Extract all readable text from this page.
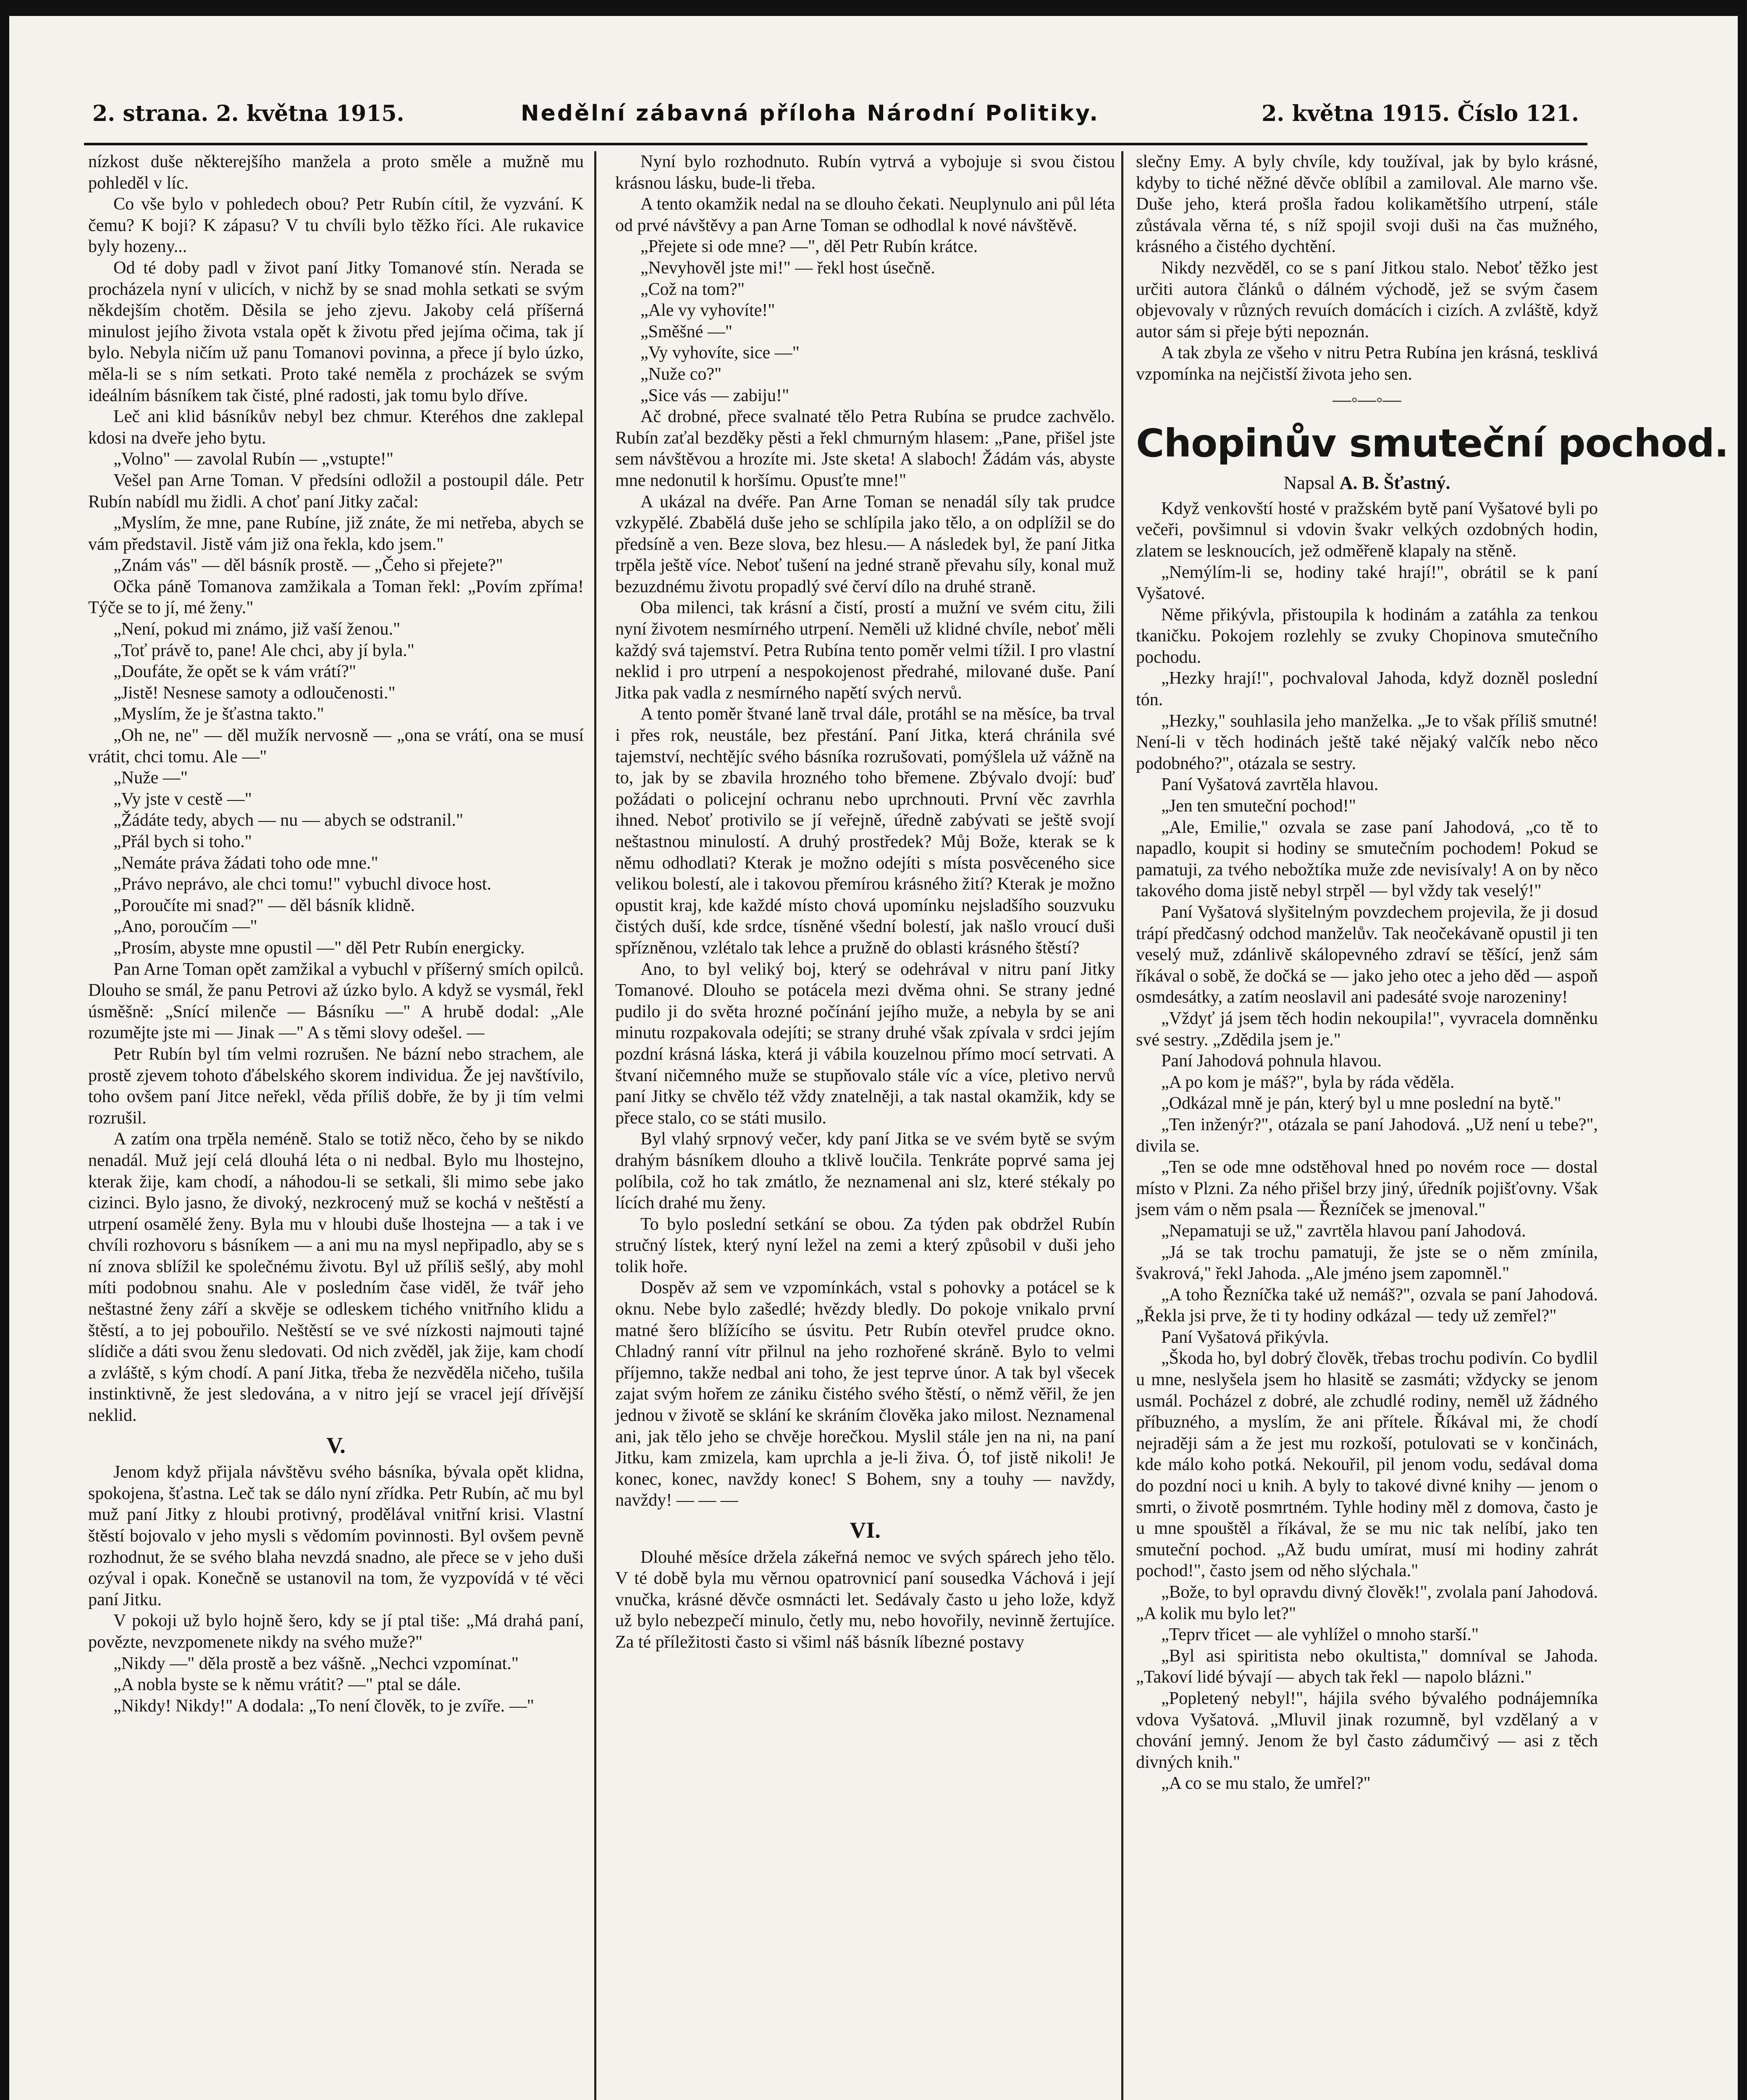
2. strana. 2. května 1915.	Nedělní zábavná příloha Národní Politiky.	2. května 1915. Číslo 121.

nízkost duše některejšího manžela a proto směle a mužně mu pohleděl v líc.

Co vše bylo v pohledech obou? Petr Rubín cítil, že vyzvání. K čemu? K boji? K zápasu? V tu chvíli bylo těžko říci. Ale rukavice byly hozeny...

Od té doby padl v život paní Jitky Tomanové stín. Nerada se procházela nyní v ulicích, v nichž by se snad mohla setkati se svým někdejším chotěm. Děsila se jeho zjevu. Jakoby celá příšerná minulost jejího života vstala opět k životu před jejíma očima, tak jí bylo. Nebyla ničím už panu Tomanovi povinna, a přece jí bylo úzko, měla-li se s ním setkati. Proto také neměla z procházek se svým ideálním básníkem tak čisté, plné radosti, jak tomu bylo dříve.

Leč ani klid básníkův nebyl bez chmur. Kteréhos dne zaklepal kdosi na dveře jeho bytu.

„Volno" — zavolal Rubín — „vstupte!"

Vešel pan Arne Toman. V předsíni odložil a postoupil dále. Petr Rubín nabídl mu židli. A choť paní Jitky začal:

„Myslím, že mne, pane Rubíne, již znáte, že mi netřeba, abych se vám představil. Jistě vám již ona řekla, kdo jsem."

„Znám vás" — děl básník prostě. — „Čeho si přejete?"

Očka páně Tomanova zamžikala a Toman řekl: „Povím zpříma! Týče se to jí, mé ženy."

„Není, pokud mi známo, již vaší ženou."

„Toť právě to, pane! Ale chci, aby jí byla."

„Doufáte, že opět se k vám vrátí?"

„Jistě! Nesnese samoty a odloučenosti."

„Myslím, že je šťastna takto."

„Oh ne, ne" — děl mužík nervosně — „ona se vrátí, ona se musí vrátit, chci tomu. Ale —"

„Nuže —"

„Vy jste v cestě —"

„Žádáte tedy, abych — nu — abych se odstranil."

„Přál bych si toho."

„Nemáte práva žádati toho ode mne."

„Právo neprávo, ale chci tomu!" vybuchl divoce host.

„Poroučíte mi snad?" — děl básník klidně.

„Ano, poroučím —"

„Prosím, abyste mne opustil —" děl Petr Rubín energicky.

Pan Arne Toman opět zamžikal a vybuchl v příšerný smích opilců. Dlouho se smál, že panu Petrovi až úzko bylo. A když se vysmál, řekl úsměšně: „Snící milenče — Básníku —" A hrubě dodal: „Ale rozumějte jste mi — Jinak —" A s těmi slovy odešel. —

Petr Rubín byl tím velmi rozrušen. Ne bázní nebo strachem, ale prostě zjevem tohoto ďábelského skorem individua. Že jej navštívilo, toho ovšem paní Jitce neřekl, věda příliš dobře, že by ji tím velmi rozrušil.

A zatím ona trpěla neméně. Stalo se totiž něco, čeho by se nikdo nenadál. Muž její celá dlouhá léta o ni nedbal. Bylo mu lhostejno, kterak žije, kam chodí, a náhodou-li se setkali, šli mimo sebe jako cizinci. Bylo jasno, že divoký, nezkrocený muž se kochá v neštěstí a utrpení osamělé ženy. Byla mu v hloubi duše lhostejna — a tak i ve chvíli rozhovoru s básníkem — a ani mu na mysl nepřipadlo, aby se s ní znova sblížil ke společnému životu. Byl už příliš sešlý, aby mohl míti podobnou snahu. Ale v posledním čase viděl, že tvář jeho neštastné ženy září a skvěje se odleskem tichého vnitřního klidu a štěstí, a to jej pobouřilo. Neštěstí se ve své nízkosti najmouti tajné slídiče a dáti svou ženu sledovati. Od nich zvěděl, jak žije, kam chodí a zvláště, s kým chodí. A paní Jitka, třeba že nezvěděla ničeho, tušila instinktivně, že jest sledována, a v nitro její se vracel její dřívější neklid.

V.

Jenom když přijala návštěvu svého básníka, bývala opět klidna, spokojena, šťastna. Leč tak se dálo nyní zřídka. Petr Rubín, ač mu byl muž paní Jitky z hloubi protivný, prodělával vnitřní krisi. Vlastní štěstí bojovalo v jeho mysli s vědomím povinnosti. Byl ovšem pevně rozhodnut, že se svého blaha nevzdá snadno, ale přece se v jeho duši ozýval i opak. Konečně se ustanovil na tom, že vyzpovídá v té věci paní Jitku.

V pokoji už bylo hojně šero, kdy se jí ptal tiše: „Má drahá paní, povězte, nevzpomenete nikdy na svého muže?"

„Nikdy —" děla prostě a bez vášně. „Nechci vzpomínat."

„A nobla byste se k němu vrátit? —" ptal se dále.

„Nikdy! Nikdy!" A dodala: „To není člověk, to je zvíře. —"

Nyní bylo rozhodnuto. Rubín vytrvá a vybojuje si svou čistou krásnou lásku, bude-li třeba.

A tento okamžik nedal na se dlouho čekati. Neuplynulo ani půl léta od prvé návštěvy a pan Arne Toman se odhodlal k nové návštěvě.

„Přejete si ode mne? —", děl Petr Rubín krátce.

„Nevyhověl jste mi!" — řekl host úsečně.

„Což na tom?"

„Ale vy vyhovíte!"

„Směšné —"

„Vy vyhovíte, sice —"

„Nuže co?"

„Sice vás — zabiju!"

Ač drobné, přece svalnaté tělo Petra Rubína se prudce zachvělo. Rubín zaťal bezděky pěsti a řekl chmurným hlasem: „Pane, přišel jste sem návštěvou a hrozíte mi. Jste sketa! A slaboch! Žádám vás, abyste mne nedonutil k horšímu. Opusťte mne!"

A ukázal na dvéře. Pan Arne Toman se nenadál síly tak prudce vzkypělé. Zbabělá duše jeho se schlípila jako tělo, a on odplížil se do předsíně a ven. Beze slova, bez hlesu.— A následek byl, že paní Jitka trpěla ještě více. Neboť tušení na jedné straně převahu síly, konal muž bezuzdnému životu propadlý své červí dílo na druhé straně.

Oba milenci, tak krásní a čistí, prostí a mužní ve svém citu, žili nyní životem nesmírného utrpení. Neměli už klidné chvíle, neboť měli každý svá tajemství. Petra Rubína tento poměr velmi tížil. I pro vlastní neklid i pro utrpení a nespokojenost předrahé, milované duše. Paní Jitka pak vadla z nesmírného napětí svých nervů.

A tento poměr štvané laně trval dále, protáhl se na měsíce, ba trval i přes rok, neustále, bez přestání. Paní Jitka, která chránila své tajemství, nechtějíc svého básníka rozrušovati, pomýšlela už vážně na to, jak by se zbavila hrozného toho břemene. Zbývalo dvojí: buď požádati o policejní ochranu nebo uprchnouti. První věc zavrhla ihned. Neboť protivilo se jí veřejně, úředně zabývati se ještě svojí neštastnou minulostí. A druhý prostředek? Můj Bože, kterak se k němu odhodlati? Kterak je možno odejíti s místa posvěceného sice velikou bolestí, ale i takovou přemírou krásného žití? Kterak je možno opustit kraj, kde každé místo chová upomínku nejsladšího souzvuku čistých duší, kde srdce, tísněné všední bolestí, jak našlo vroucí duši spřízněnou, vzlétalo tak lehce a pružně do oblasti krásného štěstí?

Ano, to byl veliký boj, který se odehrával v nitru paní Jitky Tomanové. Dlouho se potácela mezi dvěma ohni. Se strany jedné pudilo ji do světa hrozné počínání jejího muže, a nebyla by se ani minutu rozpakovala odejíti; se strany druhé však zpívala v srdci jejím pozdní krásná láska, která ji vábila kouzelnou přímo mocí setrvati. A štvaní ničemného muže se stupňovalo stále víc a více, pletivo nervů paní Jitky se chvělo též vždy znatelněji, a tak nastal okamžik, kdy se přece stalo, co se státi musilo.

Byl vlahý srpnový večer, kdy paní Jitka se ve svém bytě se svým drahým básníkem dlouho a tklivě loučila. Tenkráte poprvé sama jej políbila, což ho tak zmátlo, že neznamenal ani slz, které stékaly po lících drahé mu ženy.

To bylo poslední setkání se obou. Za týden pak obdržel Rubín stručný lístek, který nyní ležel na zemi a který způsobil v duši jeho tolik hoře.

Dospěv až sem ve vzpomínkách, vstal s pohovky a potácel se k oknu. Nebe bylo zašedlé; hvězdy bledly. Do pokoje vnikalo první matné šero blížícího se úsvitu. Petr Rubín otevřel prudce okno. Chladný ranní vítr přilnul na jeho rozhořené skráně. Bylo to velmi příjemno, takže nedbal ani toho, že jest teprve únor. A tak byl všecek zajat svým hořem ze zániku čistého svého štěstí, o němž věřil, že jen jednou v životě se sklání ke skráním člověka jako milost. Neznamenal ani, jak tělo jeho se chvěje horečkou. Myslil stále jen na ni, na paní Jitku, kam zmizela, kam uprchla a je-li živa. Ó, tof jistě nikoli! Je konec, konec, navždy konec! S Bohem, sny a touhy — navždy, navždy! — — —

VI.

Dlouhé měsíce držela zákeřná nemoc ve svých spárech jeho tělo. V té době byla mu věrnou opatrovnicí paní sousedka Váchová i její vnučka, krásné děvče osmnácti let. Sedávaly často u jeho lože, když už bylo nebezpečí minulo, četly mu, nebo hovořily, nevinně žertujíce. Za té příležitosti často si všiml náš básník líbezné postavy

slečny Emy. A byly chvíle, kdy toužíval, jak by bylo krásné, kdyby to tiché něžné děvče oblíbil a zamiloval. Ale marno vše. Duše jeho, která prošla řadou kolikamětšího utrpení, stále zůstávala věrna té, s níž spojil svoji duši na čas mužného, krásného a čistého dychtění.

Nikdy nezvěděl, co se s paní Jitkou stalo. Neboť těžko jest určiti autora článků o dálném východě, jež se svým časem objevovaly v různých revuích domácích i cizích. A zvláště, když autor sám si přeje býti nepoznán.

A tak zbyla ze všeho v nitru Petra Rubína jen krásná, tesklivá vzpomínka na nejčistší života jeho sen.

—◦—◦—
Chopinův smuteční pochod.

Napsal A. B. Šťastný.

Když venkovští hosté v pražském bytě paní Vyšatové byli po večeři, povšimnul si vdovin švakr velkých ozdobných hodin, zlatem se lesknoucích, jež odměřeně klapaly na stěně.

„Nemýlím-li se, hodiny také hrají!", obrátil se k paní Vyšatové.

Něme přikývla, přistoupila k hodinám a zatáhla za tenkou tkaničku. Pokojem rozlehly se zvuky Chopinova smutečního pochodu.

„Hezky hrají!", pochvaloval Jahoda, když dozněl poslední tón.

„Hezky," souhlasila jeho manželka. „Je to však příliš smutné! Není-li v těch hodinách ještě také nějaký valčík nebo něco podobného?", otázala se sestry.

Paní Vyšatová zavrtěla hlavou.

„Jen ten smuteční pochod!"

„Ale, Emilie," ozvala se zase paní Jahodová, „co tě to napadlo, koupit si hodiny se smutečním pochodem! Pokud se pamatuji, za tvého nebožtíka muže zde nevisívaly! A on by něco takového doma jistě nebyl strpěl — byl vždy tak veselý!"

Paní Vyšatová slyšitelným povzdechem projevila, že ji dosud trápí předčasný odchod manželův. Tak neočekávaně opustil ji ten veselý muž, zdánlivě skálopevného zdraví se těšící, jenž sám říkával o sobě, že dočká se — jako jeho otec a jeho děd — aspoň osmdesátky, a zatím neoslavil ani padesáté svoje narozeniny!

„Vždyť já jsem těch hodin nekoupila!", vyvracela domněnku své sestry. „Zdědila jsem je."

Paní Jahodová pohnula hlavou.

„A po kom je máš?", byla by ráda věděla.

„Odkázal mně je pán, který byl u mne poslední na bytě."

„Ten inženýr?", otázala se paní Jahodová. „Už není u tebe?", divila se.

„Ten se ode mne odstěhoval hned po novém roce — dostal místo v Plzni. Za ného přišel brzy jiný, úředník pojišťovny. Však jsem vám o něm psala — Řezníček se jmenoval."

„Nepamatuji se už," zavrtěla hlavou paní Jahodová.

„Já se tak trochu pamatuji, že jste se o něm zmínila, švakrová," řekl Jahoda. „Ale jméno jsem zapomněl."

„A toho Řezníčka také už nemáš?", ozvala se paní Jahodová. „Řekla jsi prve, že ti ty hodiny odkázal — tedy už zemřel?"

Paní Vyšatová přikývla.

„Škoda ho, byl dobrý člověk, třebas trochu podivín. Co bydlil u mne, neslyšela jsem ho hlasitě se zasmáti; vždycky se jenom usmál. Pocházel z dobré, ale zchudlé rodiny, neměl už žádného příbuzného, a myslím, že ani přítele. Říkával mi, že chodí nejraději sám a že jest mu rozkoší, potulovati se v končinách, kde málo koho potká. Nekouřil, pil jenom vodu, sedával doma do pozdní noci u knih. A byly to takové divné knihy — jenom o smrti, o životě posmrtném. Tyhle hodiny měl z domova, často je u mne spouštěl a říkával, že se mu nic tak nelíbí, jako ten smuteční pochod. „Až budu umírat, musí mi hodiny zahrát pochod!", často jsem od něho slýchala."

„Bože, to byl opravdu divný člověk!", zvolala paní Jahodová. „A kolik mu bylo let?"

„Teprv třicet — ale vyhlížel o mnoho starší."

„Byl asi spiritista nebo okultista," domníval se Jahoda. „Takoví lidé bývají — abych tak řekl — napolo blázni."

„Popletený nebyl!", hájila svého bývalého podnájemníka vdova Vyšatová. „Mluvil jinak rozumně, byl vzdělaný a v chování jemný. Jenom že byl často zádumčivý — asi z těch divných knih."

„A co se mu stalo, že umřel?"
